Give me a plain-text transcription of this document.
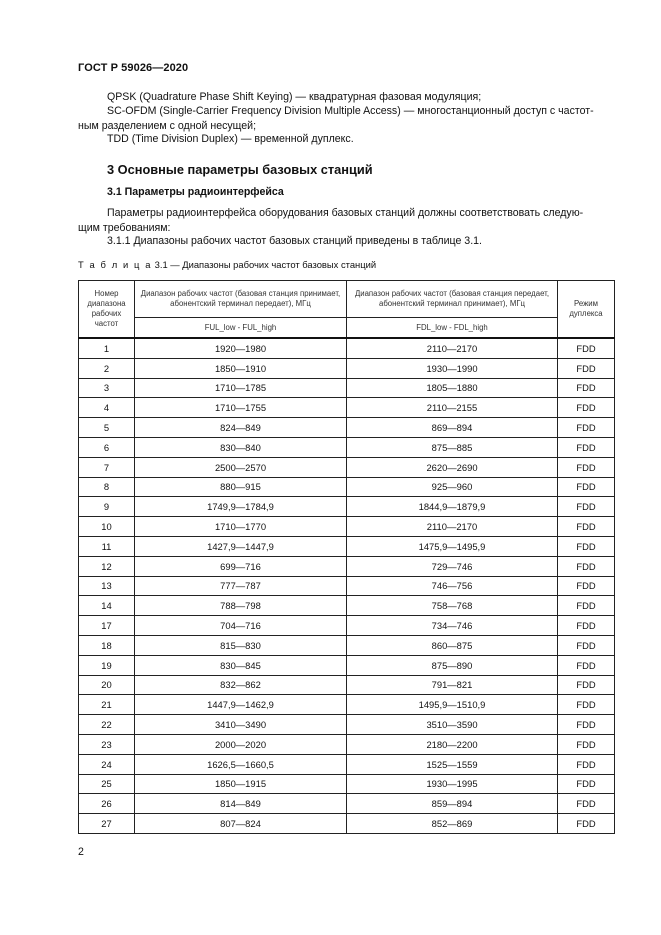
ГОСТ Р 59026—2020
QPSK (Quadrature Phase Shift Keying) — квадратурная фазовая модуляция;
SC-OFDM (Single-Carrier Frequency Division Multiple Access) — многостанционный доступ с частот-
ным разделением с одной несущей;
TDD (Time Division Duplex) — временной дуплекс.
3 Основные параметры базовых станций
3.1 Параметры радиоинтерфейса
Параметры радиоинтерфейса оборудования базовых станций должны соответствовать следую-
щим требованиям:
3.1.1 Диапазоны рабочих частот базовых станций приведены в таблице 3.1.
Т а б л и ц а 3.1 — Диапазоны рабочих частот базовых станций
Номер диапазона рабочих частот	Диапазон рабочих частот (базовая станция принимает, абонентский терминал передает), МГц	Диапазон рабочих частот (базовая станция передает, абонентский терминал принимает), МГц	Режим дуплекса
	FUL_low - FUL_high	FDL_low - FDL_high	
1	1920—1980	2110—2170	FDD
2	1850—1910	1930—1990	FDD
3	1710—1785	1805—1880	FDD
4	1710—1755	2110—2155	FDD
5	824—849	869—894	FDD
6	830—840	875—885	FDD
7	2500—2570	2620—2690	FDD
8	880—915	925—960	FDD
9	1749,9—1784,9	1844,9—1879,9	FDD
10	1710—1770	2110—2170	FDD
11	1427,9—1447,9	1475,9—1495,9	FDD
12	699—716	729—746	FDD
13	777—787	746—756	FDD
14	788—798	758—768	FDD
17	704—716	734—746	FDD
18	815—830	860—875	FDD
19	830—845	875—890	FDD
20	832—862	791—821	FDD
21	1447,9—1462,9	1495,9—1510,9	FDD
22	3410—3490	3510—3590	FDD
23	2000—2020	2180—2200	FDD
24	1626,5—1660,5	1525—1559	FDD
25	1850—1915	1930—1995	FDD
26	814—849	859—894	FDD
27	807—824	852—869	FDD
2
